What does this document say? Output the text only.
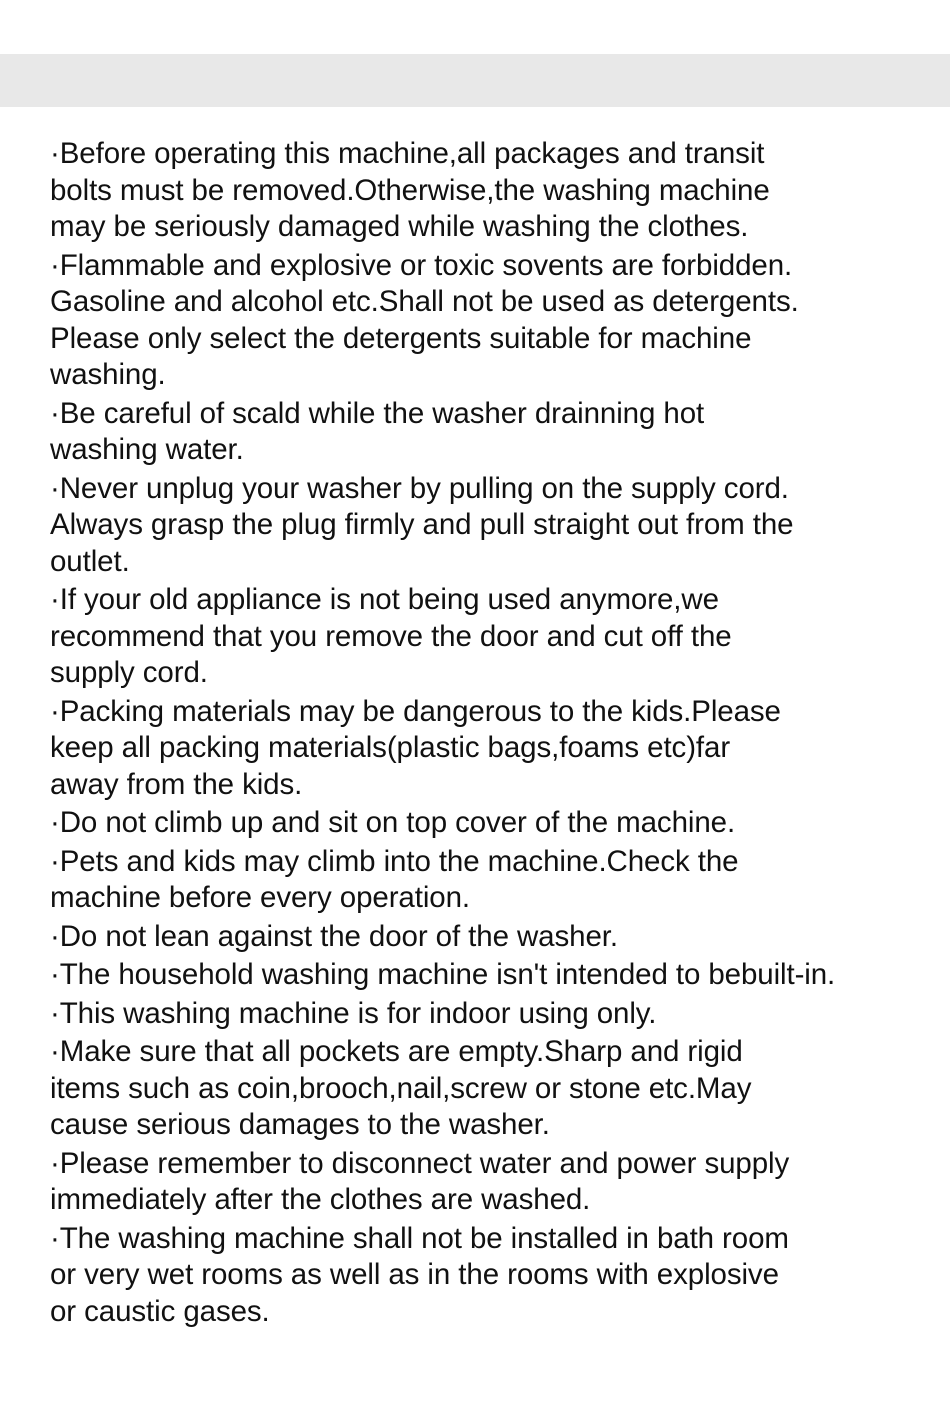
·Before operating this machine,all packages and transit
bolts must be removed.Otherwise,the washing machine
may be seriously damaged while washing the clothes.
·Flammable and explosive or toxic sovents are forbidden.
Gasoline and alcohol etc.Shall not be used as detergents.
Please only select the detergents suitable for machine
washing.
·Be careful of scald while the washer drainning hot
washing water.
·Never unplug your washer by pulling on the supply cord.
Always grasp the plug firmly and pull straight out from the
outlet.
·If your old appliance is not being used anymore,we
recommend that you remove the door and cut off the
supply cord.
·Packing materials may be dangerous to the kids.Please
keep all packing materials(plastic bags,foams etc)far
away from the kids.
·Do not climb up and sit on top cover of the machine.
·Pets and kids may climb into the machine.Check the
machine before every operation.
·Do not lean against the door of the washer.
·The household washing machine isn't intended to bebuilt-in.
·This washing machine is for indoor using only.
·Make sure that all pockets are empty.Sharp and rigid
items such as coin,brooch,nail,screw or stone etc.May
cause serious damages to the washer.
·Please remember to disconnect water and power supply
immediately after the clothes are washed.
·The washing machine shall not be installed in bath room
or very wet rooms as well as in the rooms with explosive
or caustic gases.
